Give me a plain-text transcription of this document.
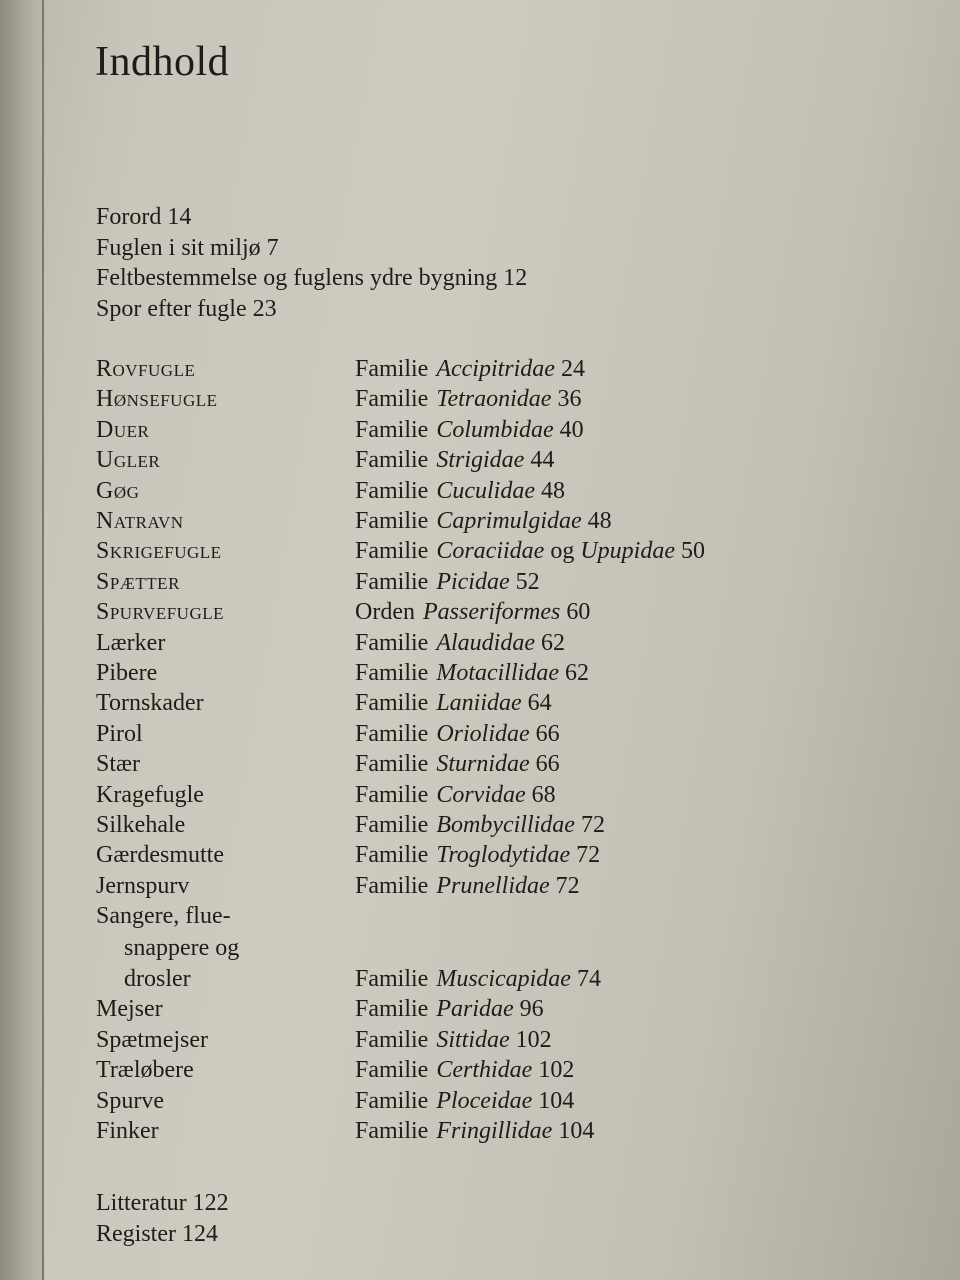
Indhold
Forord 14
Fuglen i sit miljø 7
Feltbestemmelse og fuglens ydre bygning 12
Spor efter fugle 23
Rovfugle	Familie Accipitridae 24
Hønsefugle	Familie Tetraonidae 36
Duer	Familie Columbidae 40
Ugler	Familie Strigidae 44
Gøg	Familie Cuculidae 48
Natravn	Familie Caprimulgidae 48
Skrigefugle	Familie Coraciidae og Upupidae 50
Spætter	Familie Picidae 52
Spurvefugle	Orden Passeriformes 60
Lærker	Familie Alaudidae 62
Pibere	Familie Motacillidae 62
Tornskader	Familie Laniidae 64
Pirol	Familie Oriolidae 66
Stær	Familie Sturnidae 66
Kragefugle	Familie Corvidae 68
Silkehale	Familie Bombycillidae 72
Gærdesmutte	Familie Troglodytidae 72
Jernspurv	Familie Prunellidae 72
Sangere, flue-
snappere og
drosler	Familie Muscicapidae 74
Mejser	Familie Paridae 96
Spætmejser	Familie Sittidae 102
Træløbere	Familie Certhidae 102
Spurve	Familie Ploceidae 104
Finker	Familie Fringillidae 104
Litteratur 122
Register 124
